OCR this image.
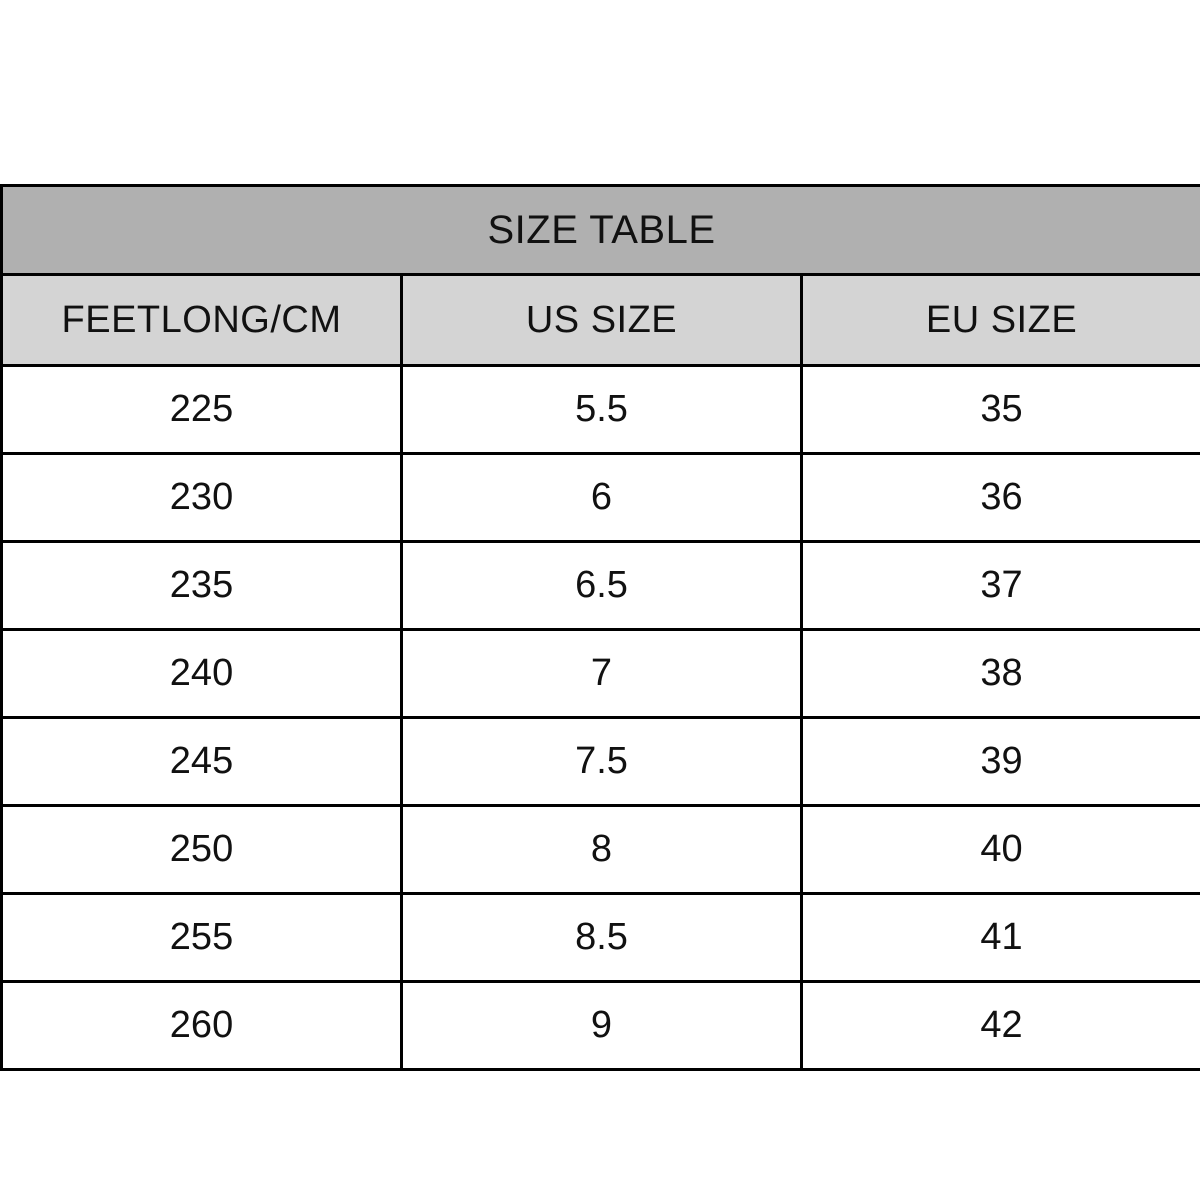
SIZE TABLE		
FEETLONG/CM	US SIZE	EU SIZE
225	5.5	35
230	6	36
235	6.5	37
240	7	38
245	7.5	39
250	8	40
255	8.5	41
260	9	42
